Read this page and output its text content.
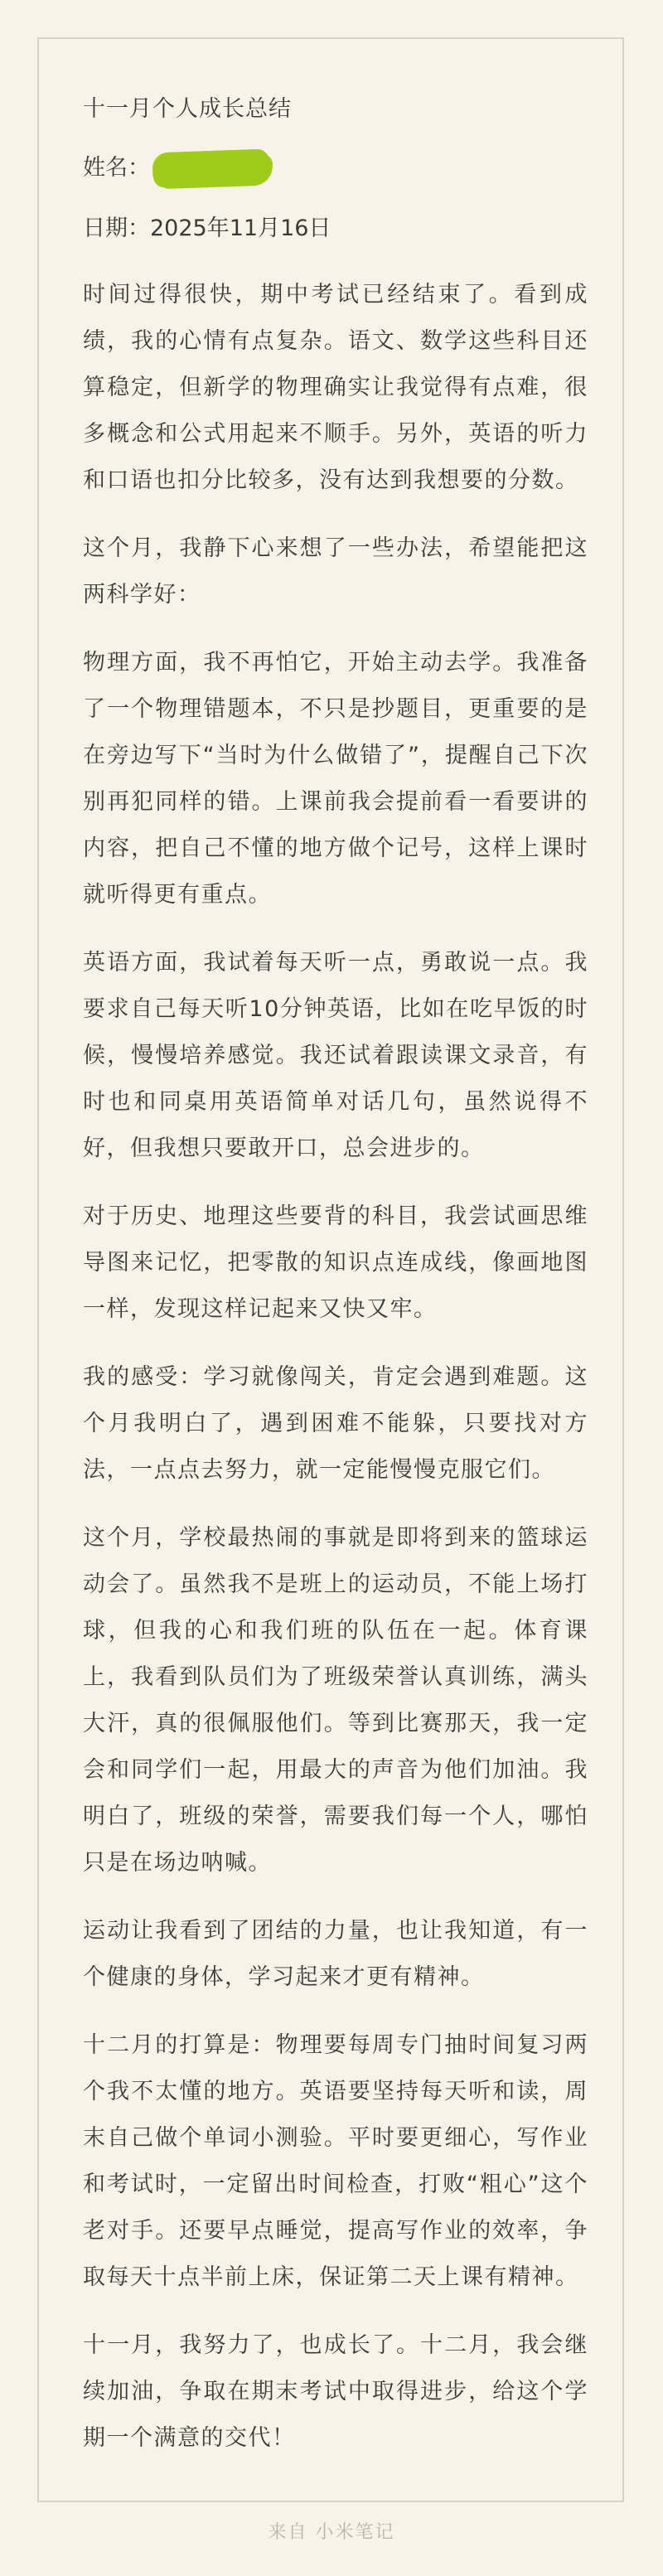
十一月个人成长总结
姓名：
日期：2025年11月16日

时间过得很快，期中考试已经结束了。看到成绩，我的心情有点复杂。语文、数学这些科目还算稳定，但新学的物理确实让我觉得有点难，很多概念和公式用起来不顺手。另外，英语的听力和口语也扣分比较多，没有达到我想要的分数。

这个月，我静下心来想了一些办法，希望能把这两科学好：

物理方面，我不再怕它，开始主动去学。我准备了一个物理错题本，不只是抄题目，更重要的是在旁边写下“当时为什么做错了”，提醒自己下次别再犯同样的错。上课前我会提前看一看要讲的内容，把自己不懂的地方做个记号，这样上课时就听得更有重点。

英语方面，我试着每天听一点，勇敢说一点。我要求自己每天听10分钟英语，比如在吃早饭的时候，慢慢培养感觉。我还试着跟读课文录音，有时也和同桌用英语简单对话几句，虽然说得不好，但我想只要敢开口，总会进步的。

对于历史、地理这些要背的科目，我尝试画思维导图来记忆，把零散的知识点连成线，像画地图一样，发现这样记起来又快又牢。

我的感受：学习就像闯关，肯定会遇到难题。这个月我明白了，遇到困难不能躲，只要找对方法，一点点去努力，就一定能慢慢克服它们。

这个月，学校最热闹的事就是即将到来的篮球运动会了。虽然我不是班上的运动员，不能上场打球，但我的心和我们班的队伍在一起。体育课上，我看到队员们为了班级荣誉认真训练，满头大汗，真的很佩服他们。等到比赛那天，我一定会和同学们一起，用最大的声音为他们加油。我明白了，班级的荣誉，需要我们每一个人，哪怕只是在场边呐喊。

运动让我看到了团结的力量，也让我知道，有一个健康的身体，学习起来才更有精神。

十二月的打算是：物理要每周专门抽时间复习两个我不太懂的地方。英语要坚持每天听和读，周末自己做个单词小测验。平时要更细心，写作业和考试时，一定留出时间检查，打败“粗心”这个老对手。还要早点睡觉，提高写作业的效率，争取每天十点半前上床，保证第二天上课有精神。

十一月，我努力了，也成长了。十二月，我会继续加油，争取在期末考试中取得进步，给这个学期一个满意的交代！

来自 小米笔记
